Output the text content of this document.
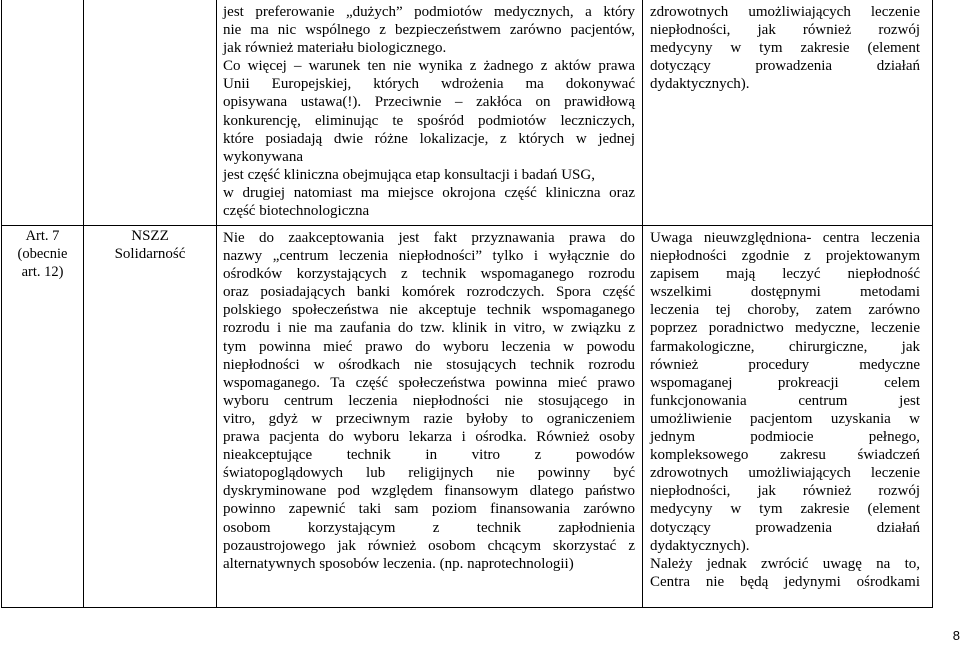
jest preferowanie „dużych” podmiotów medycznych, a który

nie ma nic wspólnego z bezpieczeństwem zarówno pacjentów,

jak również materiału biologicznego.

Co więcej – warunek ten nie wynika z żadnego z aktów prawa

Unii Europejskiej, których wdrożenia ma dokonywać

opisywana ustawa(!). Przeciwnie – zakłóca on prawidłową

konkurencję, eliminując te spośród podmiotów leczniczych,

które posiadają dwie różne lokalizacje, z których w jednej

wykonywana

jest część kliniczna obejmująca etap konsultacji i badań USG,

w drugiej natomiast ma miejsce okrojona część kliniczna oraz

część biotechnologiczna

zdrowotnych umożliwiających leczenie

niepłodności, jak również rozwój

medycyny w tym zakresie (element

dotyczący prowadzenia działań

dydaktycznych).

Art. 7
(obecnie
art. 12)
NSZZ
Solidarność

Nie do zaakceptowania jest fakt przyznawania prawa do

nazwy „centrum leczenia niepłodności” tylko i wyłącznie do

ośrodków korzystających z technik wspomaganego rozrodu

oraz posiadających banki komórek rozrodczych. Spora część

polskiego społeczeństwa nie akceptuje technik wspomaganego

rozrodu i nie ma zaufania do tzw. klinik in vitro, w związku z

tym powinna mieć prawo do wyboru leczenia w powodu

niepłodności w ośrodkach nie stosujących technik rozrodu

wspomaganego. Ta część społeczeństwa powinna mieć prawo

wyboru centrum leczenia niepłodności nie stosującego in

vitro, gdyż w przeciwnym razie byłoby to ograniczeniem

prawa pacjenta do wyboru lekarza i ośrodka. Również osoby

nieakceptujące technik in vitro z powodów

światopoglądowych lub religijnych nie powinny być

dyskryminowane pod względem finansowym dlatego państwo

powinno zapewnić taki sam poziom finansowania zarówno

osobom korzystającym z technik zapłodnienia

pozaustrojowego jak również osobom chcącym skorzystać z

alternatywnych sposobów leczenia. (np. naprotechnologii)

Uwaga nieuwzględniona- centra leczenia

niepłodności zgodnie z projektowanym

zapisem mają leczyć niepłodność

wszelkimi dostępnymi metodami

leczenia tej choroby, zatem zarówno

poprzez poradnictwo medyczne, leczenie

farmakologiczne, chirurgiczne, jak

również procedury medyczne

wspomaganej prokreacji celem

funkcjonowania centrum jest

umożliwienie pacjentom uzyskania w

jednym podmiocie pełnego,

kompleksowego zakresu świadczeń

zdrowotnych umożliwiających leczenie

niepłodności, jak również rozwój

medycyny w tym zakresie (element

dotyczący prowadzenia działań

dydaktycznych).

Należy jednak zwrócić uwagę na to,

Centra nie będą jedynymi ośrodkami

8
